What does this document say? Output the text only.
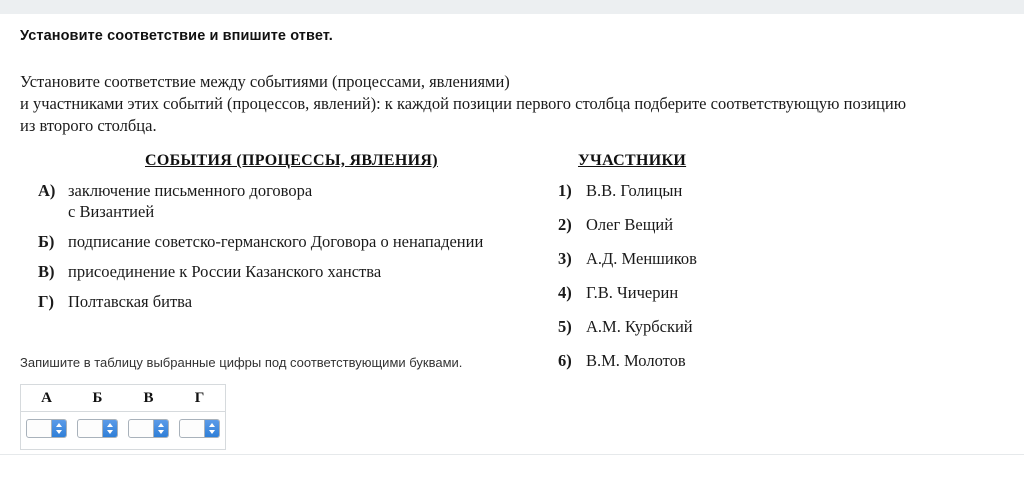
Установите соответствие и впишите ответ.
Установите соответствие между событиями (процессами, явлениями)
и участниками этих событий (процессов, явлений): к каждой позиции первого столбца подберите соответствующую позицию
из второго столбца.
СОБЫТИЯ (ПРОЦЕССЫ, ЯВЛЕНИЯ)	УЧАСТНИКИ
А) заключение письменного договора
с Византией
Б) подписание советско-германского Договора о ненападении
В) присоединение к России Казанского ханства
Г) Полтавская битва
1) В.В. Голицын
2) Олег Вещий
3) А.Д. Меншиков
4) Г.В. Чичерин
5) А.М. Курбский
6) В.М. Молотов
Запишите в таблицу выбранные цифры под соответствующими буквами.
А	Б	В	Г
